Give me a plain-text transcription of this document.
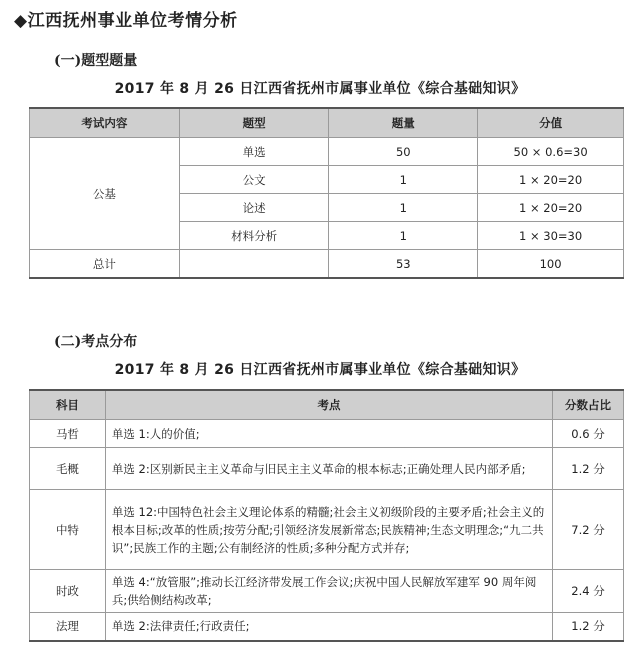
◆江西抚州事业单位考情分析
(一)题型题量
2017 年 8 月 26 日江西省抚州市属事业单位《综合基础知识》
考试内容	题型	题量	分值
公基	单选	50	50 × 0.6=30
	公文	1	1 × 20=20
	论述	1	1 × 20=20
	材料分析	1	1 × 30=30
总计		53	100
(二)考点分布
2017 年 8 月 26 日江西省抚州市属事业单位《综合基础知识》
科目	考点	分数占比
马哲	单选 1:人的价值;	0.6 分
毛概	单选 2:区别新民主主义革命与旧民主主义革命的根本标志;正确处理人民内部矛盾;	1.2 分
中特	单选 12:中国特色社会主义理论体系的精髓;社会主义初级阶段的主要矛盾;社会主义的根本目标;改革的性质;按劳分配;引领经济发展新常态;民族精神;生态文明理念;“九二共识”;民族工作的主题;公有制经济的性质;多种分配方式并存;	7.2 分
时政	单选 4:“放管服”;推动长江经济带发展工作会议;庆祝中国人民解放军建军 90 周年阅兵;供给侧结构改革;	2.4 分
法理	单选 2:法律责任;行政责任;	1.2 分
